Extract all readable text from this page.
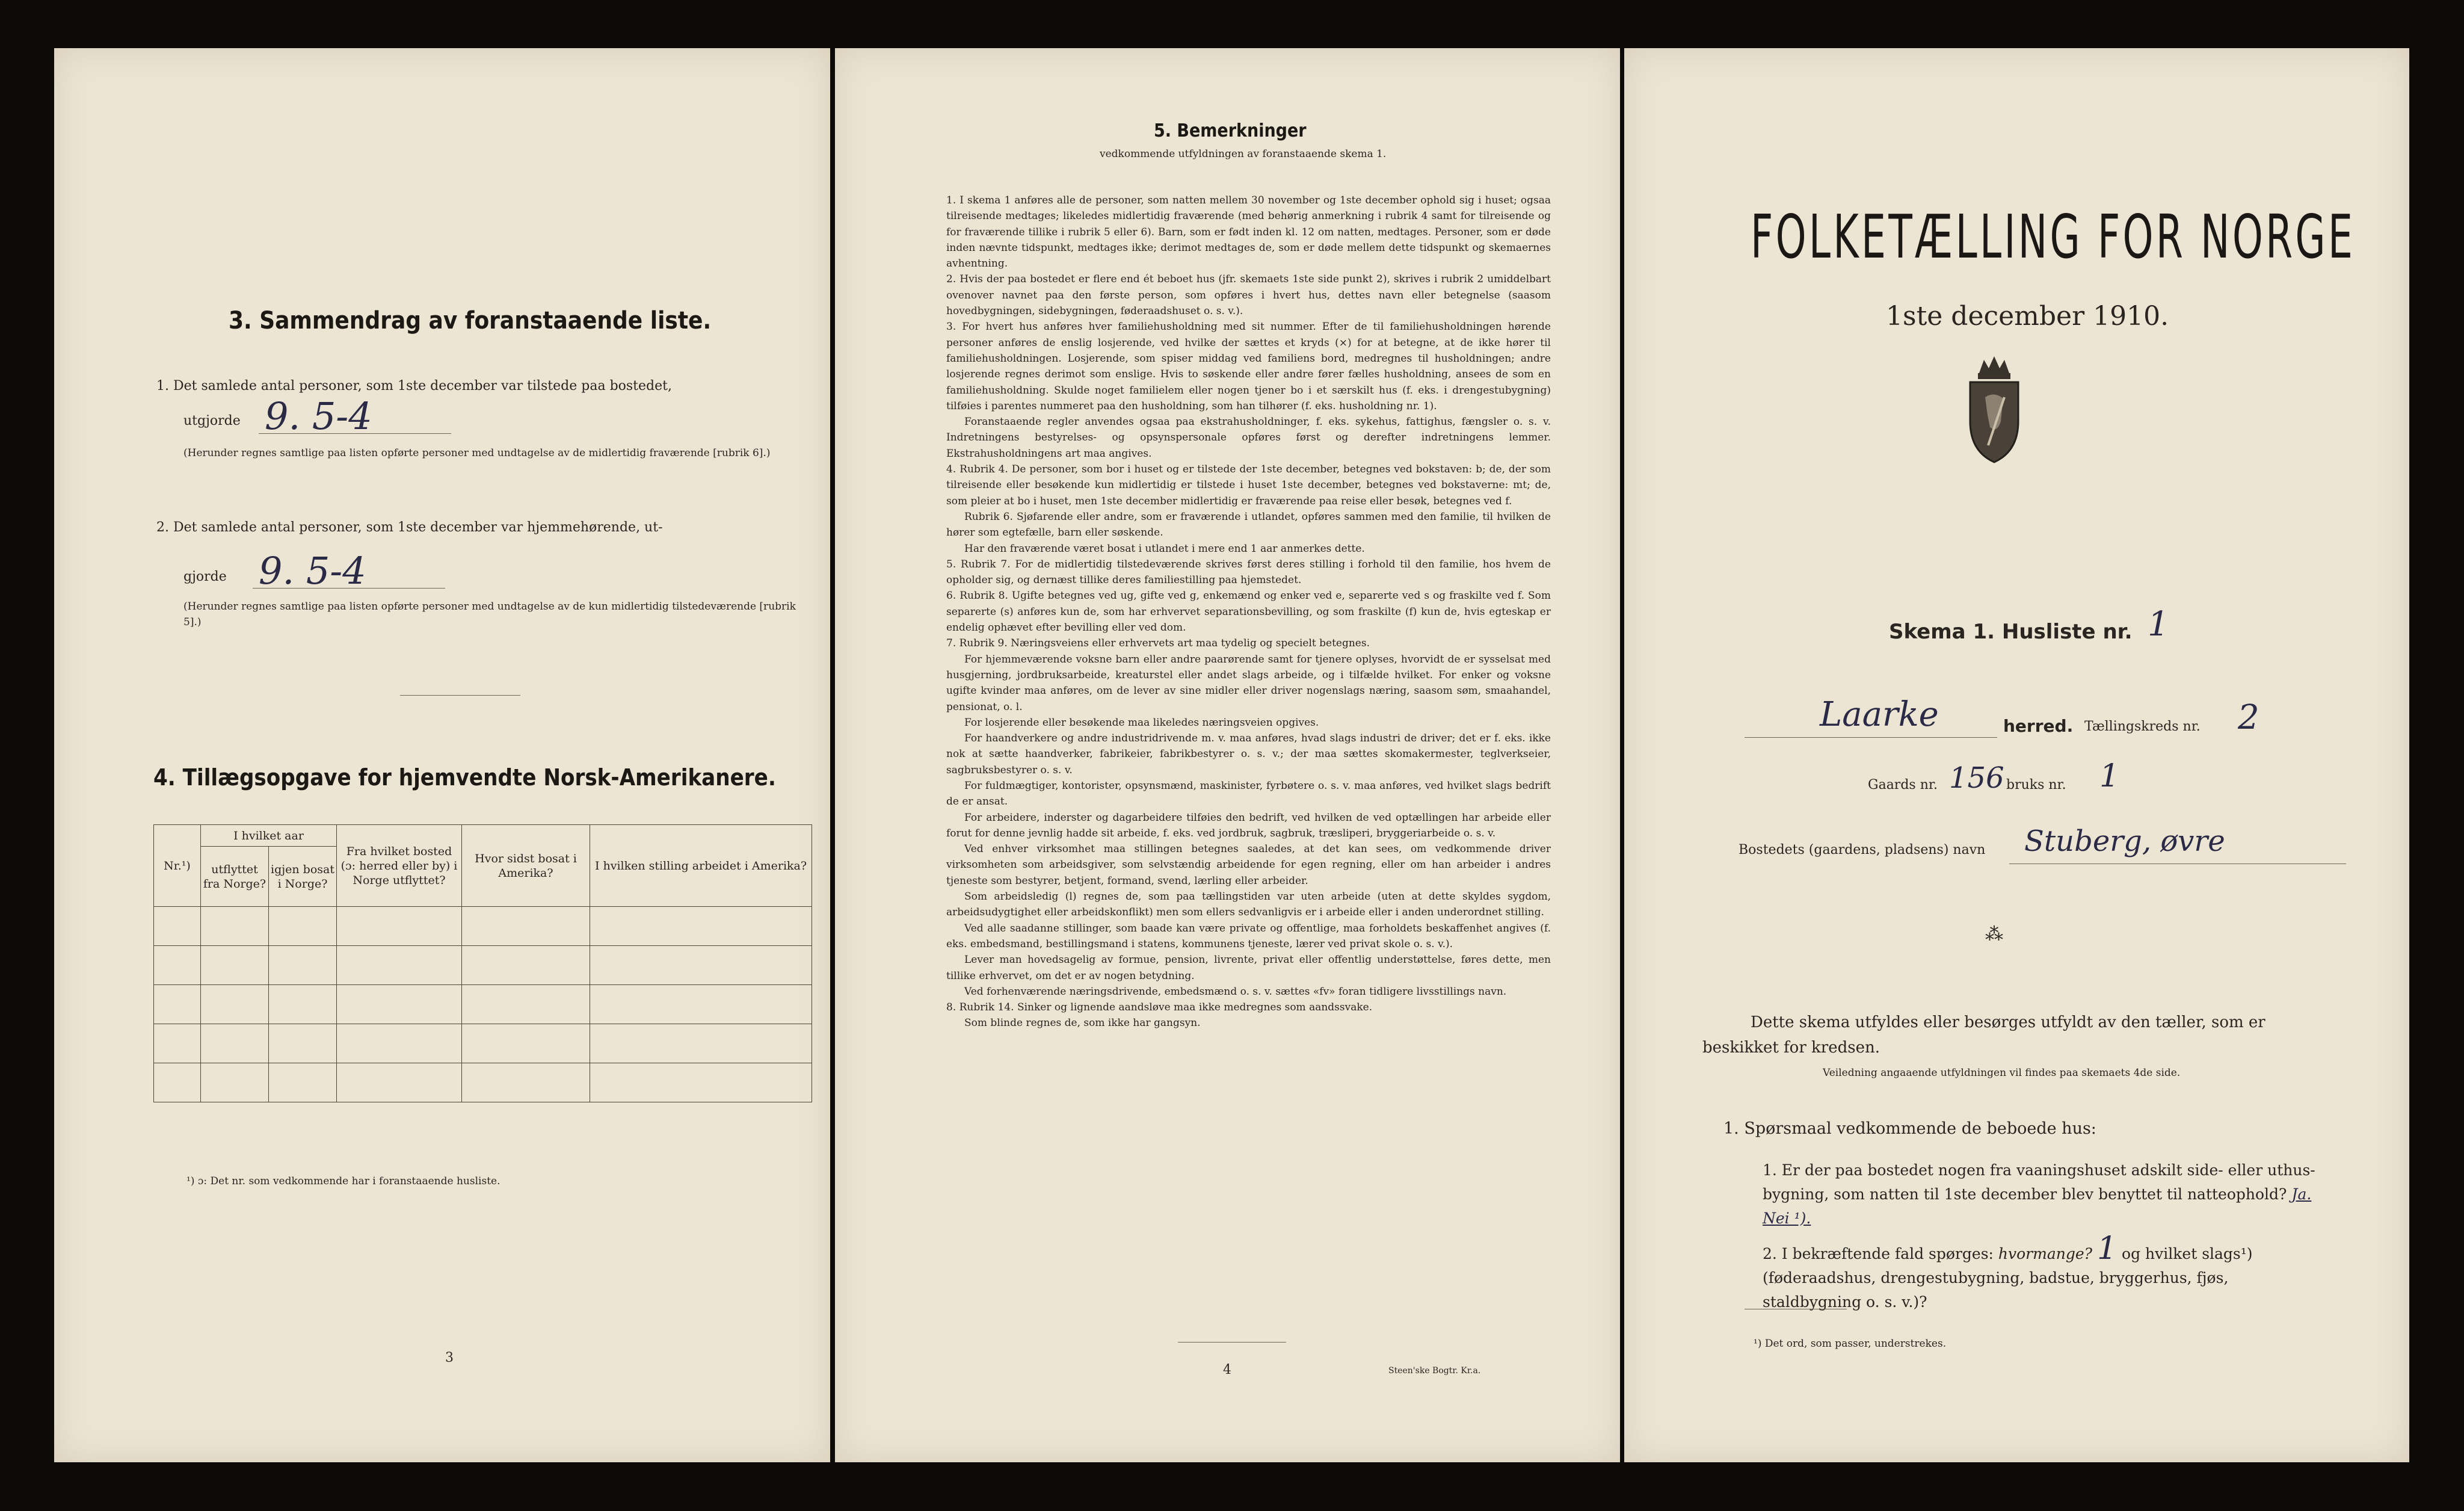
3. Sammendrag av foranstaaende liste.
1. Det samlede antal personer, som 1ste december var tilstede paa bostedet,
utgjorde 9. 5-4
(Herunder regnes samtlige paa listen opførte personer med undtagelse av de midlertidig fraværende [rubrik 6].)
2. Det samlede antal personer, som 1ste december var hjemmehørende, ut-
gjorde 9. 5-4
(Herunder regnes samtlige paa listen opførte personer med undtagelse av de kun midlertidig tilstedeværende [rubrik 5].)
4. Tillægsopgave for hjemvendte Norsk-Amerikanere.
Nr.¹)	I hvilket aar		Fra hvilket bosted (ɔ: herred eller by) i Norge utflyttet?	Hvor sidst bosat i Amerika?	I hvilken stilling arbeidet i Amerika?
	utflyttet fra Norge?	igjen bosat i Norge?			

¹) ɔ: Det nr. som vedkommende har i foranstaaende husliste.
3
5. Bemerkninger
vedkommende utfyldningen av foranstaaende skema 1.

1. I skema 1 anføres alle de personer, som natten mellem 30 november og 1ste december ophold sig i huset; ogsaa tilreisende medtages; likeledes midlertidig fraværende (med behørig anmerkning i rubrik 4 samt for tilreisende og for fraværende tillike i rubrik 5 eller 6). Barn, som er født inden kl. 12 om natten, medtages. Personer, som er døde inden nævnte tidspunkt, medtages ikke; derimot medtages de, som er døde mellem dette tidspunkt og skemaernes avhentning.

2. Hvis der paa bostedet er flere end ét beboet hus (jfr. skemaets 1ste side punkt 2), skrives i rubrik 2 umiddelbart ovenover navnet paa den første person, som opføres i hvert hus, dettes navn eller betegnelse (saasom hovedbygningen, sidebygningen, føderaadshuset o. s. v.).

3. For hvert hus anføres hver familiehusholdning med sit nummer. Efter de til familiehusholdningen hørende personer anføres de enslig losjerende, ved hvilke der sættes et kryds (×) for at betegne, at de ikke hører til familiehusholdningen. Losjerende, som spiser middag ved familiens bord, medregnes til husholdningen; andre losjerende regnes derimot som enslige. Hvis to søskende eller andre fører fælles husholdning, ansees de som en familiehusholdning. Skulde noget familielem eller nogen tjener bo i et særskilt hus (f. eks. i drengestubygning) tilføies i parentes nummeret paa den husholdning, som han tilhører (f. eks. husholdning nr. 1).

Foranstaaende regler anvendes ogsaa paa ekstrahusholdninger, f. eks. sykehus, fattighus, fængsler o. s. v. Indretningens bestyrelses- og opsynspersonale opføres først og derefter indretningens lemmer. Ekstrahusholdningens art maa angives.

4. Rubrik 4. De personer, som bor i huset og er tilstede der 1ste december, betegnes ved bokstaven: b; de, der som tilreisende eller besøkende kun midlertidig er tilstede i huset 1ste december, betegnes ved bokstaverne: mt; de, som pleier at bo i huset, men 1ste december midlertidig er fraværende paa reise eller besøk, betegnes ved f.

Rubrik 6. Sjøfarende eller andre, som er fraværende i utlandet, opføres sammen med den familie, til hvilken de hører som egtefælle, barn eller søskende.

Har den fraværende været bosat i utlandet i mere end 1 aar anmerkes dette.

5. Rubrik 7. For de midlertidig tilstedeværende skrives først deres stilling i forhold til den familie, hos hvem de opholder sig, og dernæst tillike deres familiestilling paa hjemstedet.

6. Rubrik 8. Ugifte betegnes ved ug, gifte ved g, enkemænd og enker ved e, separerte ved s og fraskilte ved f. Som separerte (s) anføres kun de, som har erhvervet separationsbevilling, og som fraskilte (f) kun de, hvis egteskap er endelig ophævet efter bevilling eller ved dom.

7. Rubrik 9. Næringsveiens eller erhvervets art maa tydelig og specielt betegnes.

For hjemmeværende voksne barn eller andre paarørende samt for tjenere oplyses, hvorvidt de er sysselsat med husgjerning, jordbruksarbeide, kreaturstel eller andet slags arbeide, og i tilfælde hvilket. For enker og voksne ugifte kvinder maa anføres, om de lever av sine midler eller driver nogenslags næring, saasom søm, smaahandel, pensionat, o. l.

For losjerende eller besøkende maa likeledes næringsveien opgives.

For haandverkere og andre industridrivende m. v. maa anføres, hvad slags industri de driver; det er f. eks. ikke nok at sætte haandverker, fabrikeier, fabrikbestyrer o. s. v.; der maa sættes skomakermester, teglverkseier, sagbruksbestyrer o. s. v.

For fuldmægtiger, kontorister, opsynsmænd, maskinister, fyrbøtere o. s. v. maa anføres, ved hvilket slags bedrift de er ansat.

For arbeidere, inderster og dagarbeidere tilføies den bedrift, ved hvilken de ved optællingen har arbeide eller forut for denne jevnlig hadde sit arbeide, f. eks. ved jordbruk, sagbruk, træsliperi, bryggeriarbeide o. s. v.

Ved enhver virksomhet maa stillingen betegnes saaledes, at det kan sees, om vedkommende driver virksomheten som arbeidsgiver, som selvstændig arbeidende for egen regning, eller om han arbeider i andres tjeneste som bestyrer, betjent, formand, svend, lærling eller arbeider.

Som arbeidsledig (l) regnes de, som paa tællingstiden var uten arbeide (uten at dette skyldes sygdom, arbeidsudygtighet eller arbeidskonflikt) men som ellers sedvanligvis er i arbeide eller i anden underordnet stilling.

Ved alle saadanne stillinger, som baade kan være private og offentlige, maa forholdets beskaffenhet angives (f. eks. embedsmand, bestillingsmand i statens, kommunens tjeneste, lærer ved privat skole o. s. v.).

Lever man hovedsagelig av formue, pension, livrente, privat eller offentlig understøttelse, føres dette, men tillike erhvervet, om det er av nogen betydning.

Ved forhenværende næringsdrivende, embedsmænd o. s. v. sættes «fv» foran tidligere livsstillings navn.

8. Rubrik 14. Sinker og lignende aandsløve maa ikke medregnes som aandssvake.

Som blinde regnes de, som ikke har gangsyn.

4	Steen'ske Bogtr. Kr.a.
FOLKETÆLLING FOR NORGE
1ste december 1910.
Skema 1. Husliste nr. 1
Laarke	herred. Tællingskreds nr. 2
Gaards nr. 156 bruks nr. 1
Bostedets (gaardens, pladsens) navn Stuberg, øvre
⁂
Dette skema utfyldes eller besørges utfyldt av den tæller, som er beskikket for kredsen.
Veiledning angaaende utfyldningen vil findes paa skemaets 4de side.
1. Spørsmaal vedkommende de beboede hus:
1. Er der paa bostedet nogen fra vaaningshuset adskilt side- eller uthus-bygning, som natten til 1ste december blev benyttet til natteophold? Ja. Nei ¹).
2. I bekræftende fald spørges: hvormange? 1 og hvilket slags¹) (føderaadshus, drengestubygning, badstue, bryggerhus, fjøs, staldbygning o. s. v.)?
¹) Det ord, som passer, understrekes.
